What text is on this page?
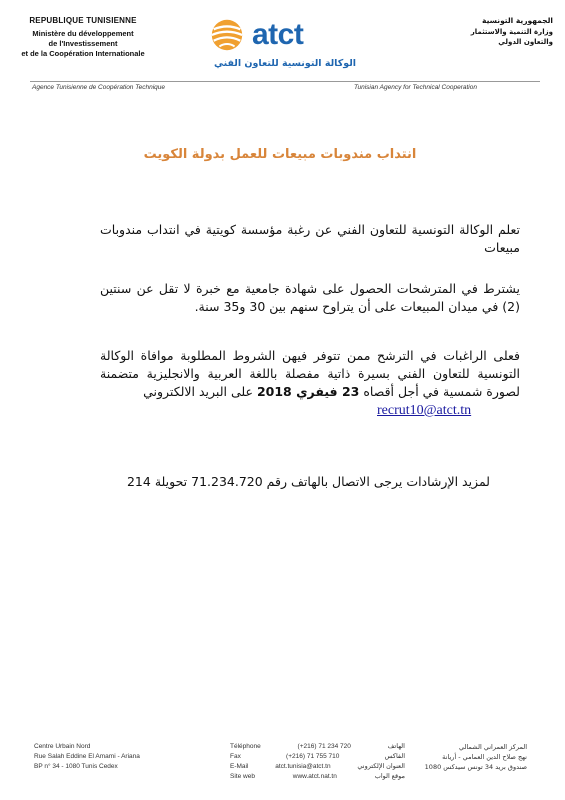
REPUBLIQUE TUNISIENNE
Ministère du développement
de l'Investissement
et de la Coopération Internationale
atct
الوكالة التونسية للتعاون الفني
الجمهورية التونسية
وزارة التنمية والاستثمار
والتعاون الدولي
Agence Tunisienne de Coopération Technique	Tunisian Agency for Technical Cooperation
انتداب مندوبات مبيعات للعمل بدولة الكويت
تعلم الوكالة التونسية للتعاون الفني عن رغبة مؤسسة كويتية في انتداب مندوبات مبيعات
يشترط في المترشحات الحصول على شهادة جامعية مع خبرة لا تقل عن سنتين (2) في ميدان المبيعات على أن يتراوح سنهم بين 30 و35 سنة.
فعلى الراغبات في الترشح ممن تتوفر فيهن الشروط المطلوبة موافاة الوكالة التونسية للتعاون الفني بسيرة ذاتية مفصلة باللغة العربية والانجليزية متضمنة لصورة شمسية في أجل أقصاه 23 فيفري 2018 على البريد الالكتروني
recrut10@atct.tn
لمزيد الإرشادات يرجى الاتصال بالهاتف رقم 71.234.720 تحويلة 214
Centre Urbain Nord
Rue Salah Eddine El Amami - Ariana
BP n° 34 - 1080 Tunis Cedex
Téléphone	(+216) 71 234 720	الهاتف
Fax	(+216) 71 755 710	الفاكس
E-Mail	atct.tunisia@atct.tn	العنوان الإلكتروني
Site web	www.atct.nat.tn	موقع الواب
المركز العمراني الشمالي
نهج صلاح الدين العمامي - أريانة
صندوق بريد 34 تونس سيدكس 1080
